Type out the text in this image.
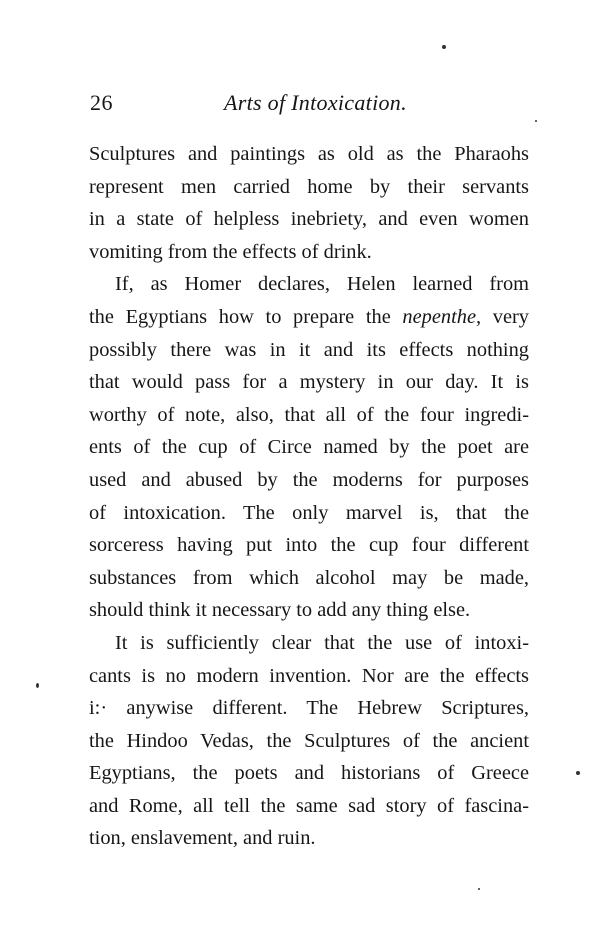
26	Arts of Intoxication.
Sculptures and paintings as old as the Pharaohs
represent men carried home by their servants
in a state of helpless inebriety, and even women
vomiting from the effects of drink.
If, as Homer declares, Helen learned from
the Egyptians how to prepare the nepenthe, very
possibly there was in it and its effects nothing
that would pass for a mystery in our day. It is
worthy of note, also, that all of the four ingredi-
ents of the cup of Circe named by the poet are
used and abused by the moderns for purposes
of intoxication. The only marvel is, that the
sorceress having put into the cup four different
substances from which alcohol may be made,
should think it necessary to add any thing else.
It is sufficiently clear that the use of intoxi-
cants is no modern invention. Nor are the effects
i:· anywise different. The Hebrew Scriptures,
the Hindoo Vedas, the Sculptures of the ancient
Egyptians, the poets and historians of Greece
and Rome, all tell the same sad story of fascina-
tion, enslavement, and ruin.
